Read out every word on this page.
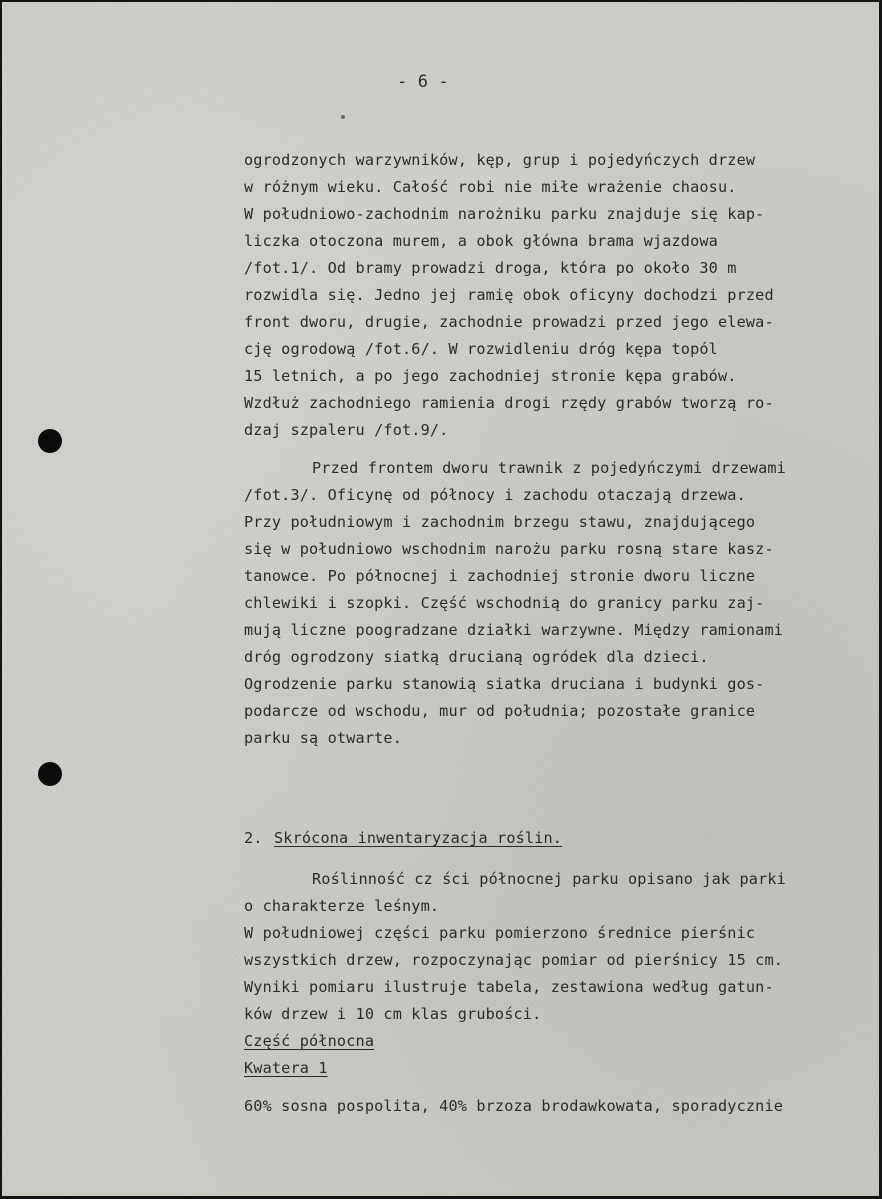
- 6 -
ogrodzonych warzywników, kęp, grup i pojedyńczych drzew
w różnym wieku. Całość robi nie miłe wrażenie chaosu.
W południowo-zachodnim narożniku parku znajduje się kap-
liczka otoczona murem, a obok główna brama wjazdowa
/fot.1/. Od bramy prowadzi droga, która po około 30 m
rozwidla się. Jedno jej ramię obok oficyny dochodzi przed
front dworu, drugie, zachodnie prowadzi przed jego elewa-
cję ogrodową /fot.6/. W rozwidleniu dróg kępa topól
15 letnich, a po jego zachodniej stronie kępa grabów.
Wzdłuż zachodniego ramienia drogi rzędy grabów tworzą ro-
dzaj szpaleru /fot.9/.
Przed frontem dworu trawnik z pojedyńczymi drzewami
/fot.3/. Oficynę od północy i zachodu otaczają drzewa.
Przy południowym i zachodnim brzegu stawu, znajdującego
się w południowo wschodnim narożu parku rosną stare kasz-
tanowce. Po północnej i zachodniej stronie dworu liczne
chlewiki i szopki. Część wschodnią do granicy parku zaj-
mują liczne poogradzane działki warzywne. Między ramionami
dróg ogrodzony siatką drucianą ogródek dla dzieci.
Ogrodzenie parku stanowią siatka druciana i budynki gos-
podarcze od wschodu, mur od południa; pozostałe granice
parku są otwarte.
2. Skrócona inwentaryzacja roślin.
Roślinność cz ści północnej parku opisano jak parki
o charakterze leśnym.
W południowej części parku pomierzono średnice pierśnic
wszystkich drzew, rozpoczynając pomiar od pierśnicy 15 cm.
Wyniki pomiaru ilustruje tabela, zestawiona według gatun-
ków drzew i 10 cm klas grubości.
Część północna
Kwatera 1
60% sosna pospolita, 40% brzoza brodawkowata, sporadycznie
